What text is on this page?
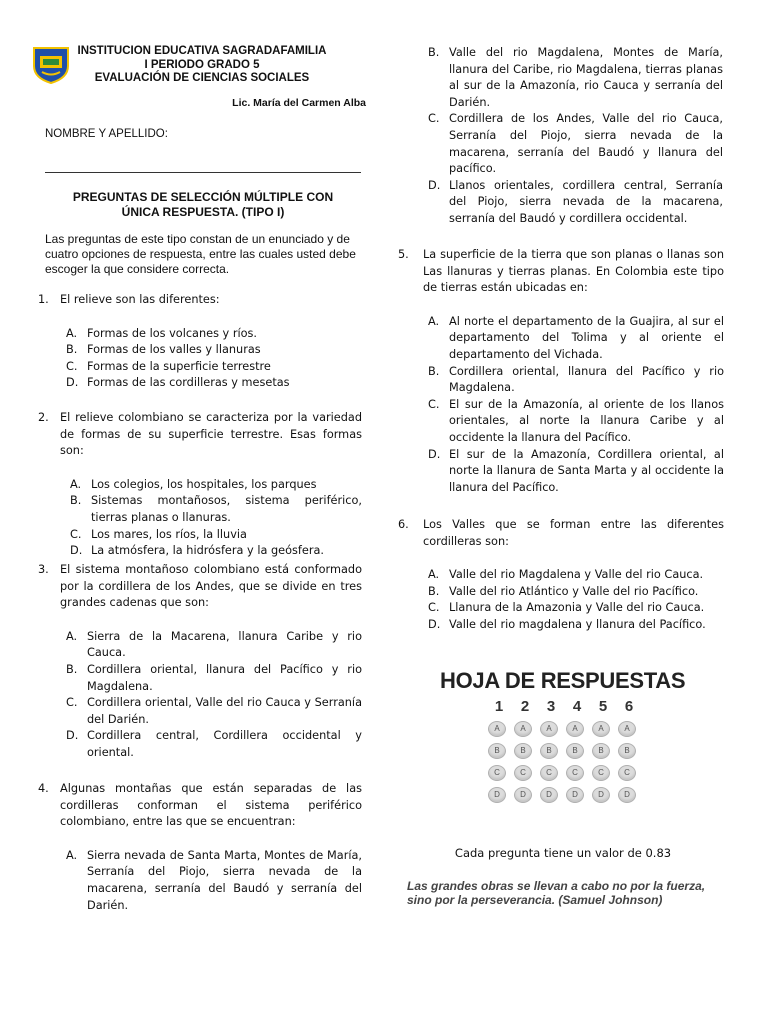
INSTITUCION EDUCATIVA SAGRADAFAMILIA
I PERIODO GRADO 5
EVALUACIÓN DE CIENCIAS SOCIALES
Lic. María del Carmen Alba
NOMBRE Y APELLIDO:
PREGUNTAS DE SELECCIÓN MÚLTIPLE CON
ÚNICA RESPUESTA. (TIPO I)
Las preguntas de este tipo constan de un enunciado y de cuatro opciones de respuesta, entre las cuales usted debe escoger la que considere correcta.
1. El relieve son las diferentes:
A. Formas de los volcanes y ríos.
B. Formas de los valles y llanuras
C. Formas de la superficie terrestre
D. Formas de las cordilleras y mesetas
2. El relieve colombiano se caracteriza por la variedad de formas de su superficie terrestre. Esas formas son:
A. Los colegios, los hospitales, los parques
B. Sistemas montañosos, sistema periférico, tierras planas o llanuras.
C. Los mares, los ríos, la lluvia
D. La atmósfera, la hidrósfera y la geósfera.
3. El sistema montañoso colombiano está conformado por la cordillera de los Andes, que se divide en tres grandes cadenas que son:
A. Sierra de la Macarena, llanura Caribe y rio Cauca.
B. Cordillera oriental, llanura del Pacífico y rio Magdalena.
C. Cordillera oriental, Valle del rio Cauca y Serranía del Darién.
D. Cordillera central, Cordillera occidental y oriental.
4. Algunas montañas que están separadas de las cordilleras conforman el sistema periférico colombiano, entre las que se encuentran:
A. Sierra nevada de Santa Marta, Montes de María, Serranía del Piojo, sierra nevada de la macarena, serranía del Baudó y serranía del Darién.
B. Valle del rio Magdalena, Montes de María, llanura del Caribe, rio Magdalena, tierras planas al sur de la Amazonía, rio Cauca y serranía del Darién.
C. Cordillera de los Andes, Valle del rio Cauca, Serranía del Piojo, sierra nevada de la macarena, serranía del Baudó y llanura del pacífico.
D. Llanos orientales, cordillera central, Serranía del Piojo, sierra nevada de la macarena, serranía del Baudó y cordillera occidental.
5. La superficie de la tierra que son planas o llanas son Las llanuras y tierras planas. En Colombia este tipo de tierras están ubicadas en:
A. Al norte el departamento de la Guajira, al sur el departamento del Tolima y al oriente el departamento del Vichada.
B. Cordillera oriental, llanura del Pacífico y rio Magdalena.
C. El sur de la Amazonía, al oriente de los llanos orientales, al norte la llanura Caribe y al occidente la llanura del Pacífico.
D. El sur de la Amazonía, Cordillera oriental, al norte la llanura de Santa Marta y al occidente la llanura del Pacífico.
6. Los Valles que se forman entre las diferentes cordilleras son:
A. Valle del rio Magdalena y Valle del rio Cauca.
B. Valle del rio Atlántico y Valle del rio Pacífico.
C. Llanura de la Amazonia y Valle del rio Cauca.
D. Valle del rio magdalena y llanura del Pacífico.
HOJA DE RESPUESTAS
1 2 3 4 5 6
A	A	A	A	A	A
B	B	B	B	B	B
C	C	C	C	C	C
D	D	D	D	D	D
Cada pregunta tiene un valor de 0.83
Las grandes obras se llevan a cabo no por la fuerza,
sino por la perseverancia. (Samuel Johnson)
